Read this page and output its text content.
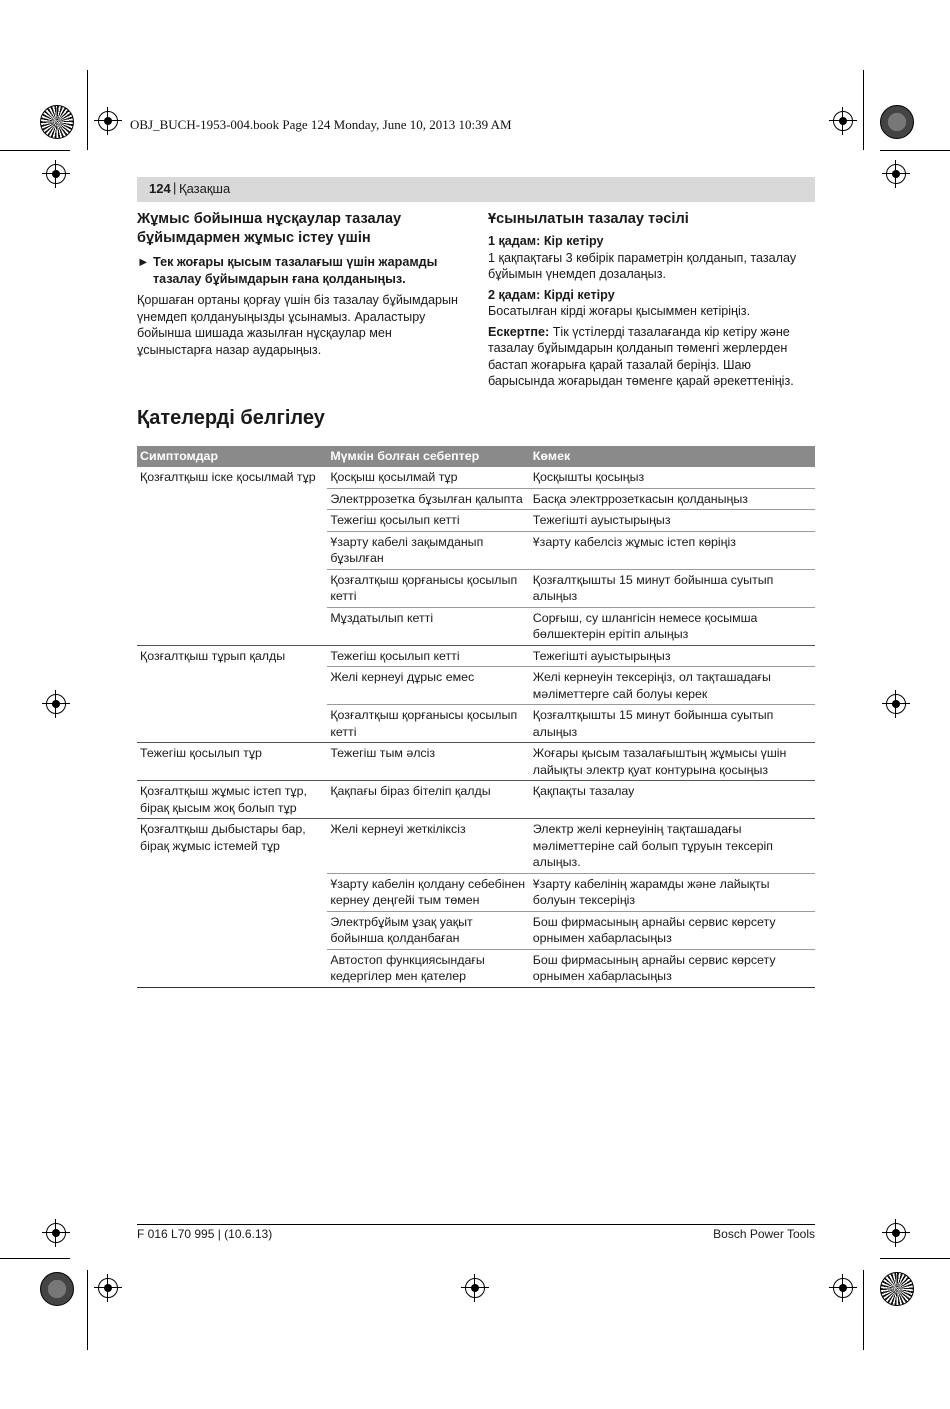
OBJ_BUCH-1953-004.book Page 124 Monday, June 10, 2013 10:39 AM
124 | Қазақша

Жұмыс бойынша нұсқаулар тазалау бұйымдармен жұмыс істеу үшін

► Тек жоғары қысым тазалағыш үшін жарамды тазалау бұйымдарын ғана қолданыңыз.

Қоршаған ортаны қорғау үшін біз тазалау бұйымдарын үнемдеп қолдануыңызды ұсынамыз. Араластыру бойынша шишада жазылған нұсқаулар мен ұсыныстарға назар аударыңыз.

Ұсынылатын тазалау тәсілі

1 қадам: Кір кетіру

1 қақпақтағы 3 көбірік параметрін қолданып, тазалау бұйымын үнемдеп дозалаңыз.

2 қадам: Кірді кетіру

Босатылған кірді жоғары қысыммен кетіріңіз.

Ескертпе: Тік үстілерді тазалағанда кір кетіру және тазалау бұйымдарын қолданып төменгі жерлерден бастап жоғарыға қарай тазалай беріңіз. Шаю барысында жоғарыдан төменге қарай әрекеттеніңіз.

Қателерді белгілеу
Симптомдар	Мүмкін болған себептер	Көмек
Қозғалтқыш іске қосылмай тұр	Қосқыш қосылмай тұр	Қосқышты қосыңыз
	Электррозетка бұзылған қалыпта	Басқа электррозеткасын қолданыңыз
	Тежегіш қосылып кетті	Тежегішті ауыстырыңыз
	Ұзарту кабелі зақымданып бұзылған	Ұзарту кабелсіз жұмыс істеп көріңіз
	Қозғалтқыш қорғанысы қосылып кетті	Қозғалтқышты 15 минут бойынша суытып алыңыз
	Мұздатылып кетті	Сорғыш, су шлангісін немесе қосымша бөлшектерін ерітіп алыңыз
Қозғалтқыш тұрып қалды	Тежегіш қосылып кетті	Тежегішті ауыстырыңыз
	Желі кернеуі дұрыс емес	Желі кернеуін тексеріңіз, ол тақташадағы мәліметтерге сай болуы керек
	Қозғалтқыш қорғанысы қосылып кетті	Қозғалтқышты 15 минут бойынша суытып алыңыз
Тежегіш қосылып тұр	Тежегіш тым әлсіз	Жоғары қысым тазалағыштың жұмысы үшін лайықты электр қуат контурына қосыңыз
Қозғалтқыш жұмыс істеп тұр, бірақ қысым жоқ болып тұр	Қақпағы біраз бітеліп қалды	Қақпақты тазалау
Қозғалтқыш дыбыстары бар, бірақ жұмыс істемей тұр	Желі кернеуі жеткіліксіз	Электр желі кернеуінің тақташадағы мәліметтеріне сай болып тұруын тексеріп алыңыз.
	Ұзарту кабелін қолдану себебінен кернеу деңгейі тым төмен	Ұзарту кабелінің жарамды және лайықты болуын тексеріңіз
	Электрбұйым ұзақ уақыт бойынша қолданбаған	Бош фирмасының арнайы сервис көрсету орнымен хабарласыңыз
	Автостоп функциясындағы кедергілер мен қателер	Бош фирмасының арнайы сервис көрсету орнымен хабарласыңыз
F 016 L70 995 | (10.6.13)	Bosch Power Tools
